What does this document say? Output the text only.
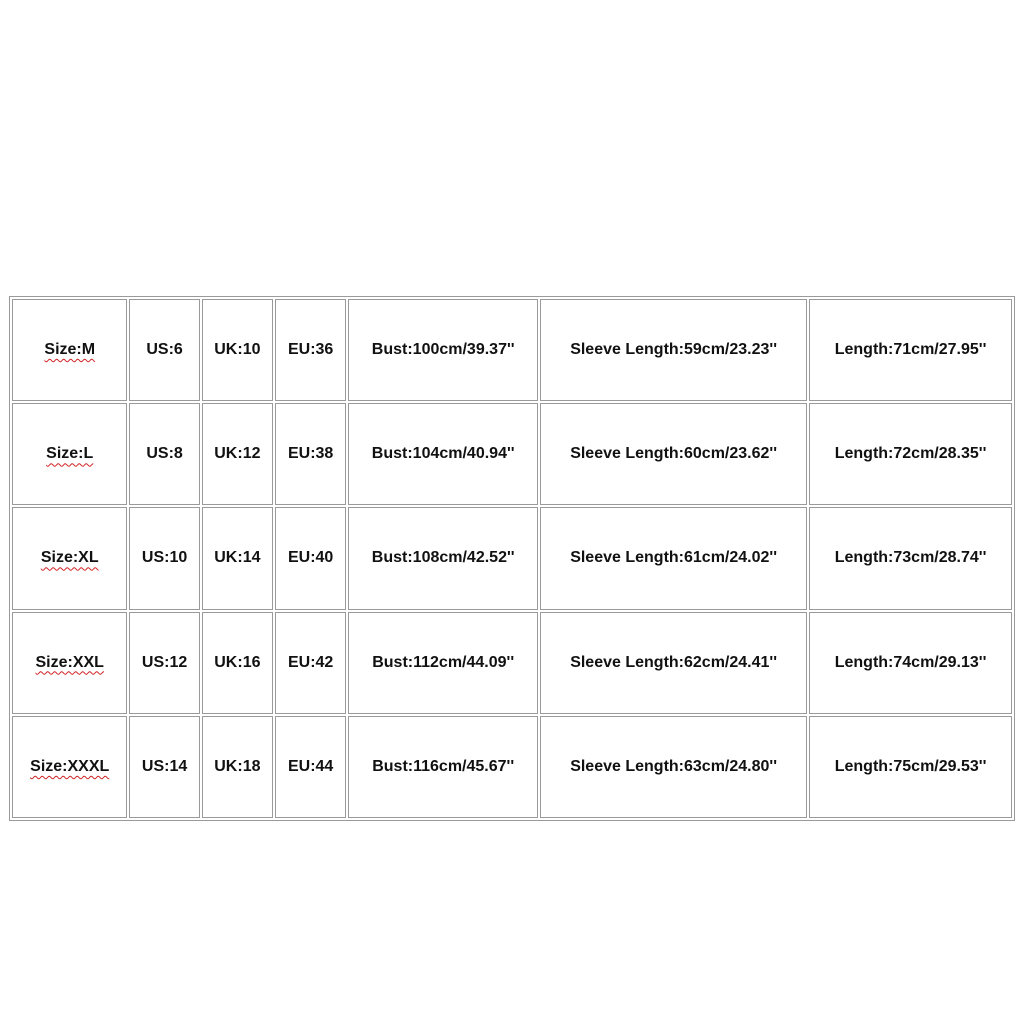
Size:M	US:6	UK:10	EU:36	Bust:100cm/39.37''	Sleeve Length:59cm/23.23''	Length:71cm/27.95''
Size:L	US:8	UK:12	EU:38	Bust:104cm/40.94''	Sleeve Length:60cm/23.62''	Length:72cm/28.35''
Size:XL	US:10	UK:14	EU:40	Bust:108cm/42.52''	Sleeve Length:61cm/24.02''	Length:73cm/28.74''
Size:XXL	US:12	UK:16	EU:42	Bust:112cm/44.09''	Sleeve Length:62cm/24.41''	Length:74cm/29.13''
Size:XXXL	US:14	UK:18	EU:44	Bust:116cm/45.67''	Sleeve Length:63cm/24.80''	Length:75cm/29.53''
